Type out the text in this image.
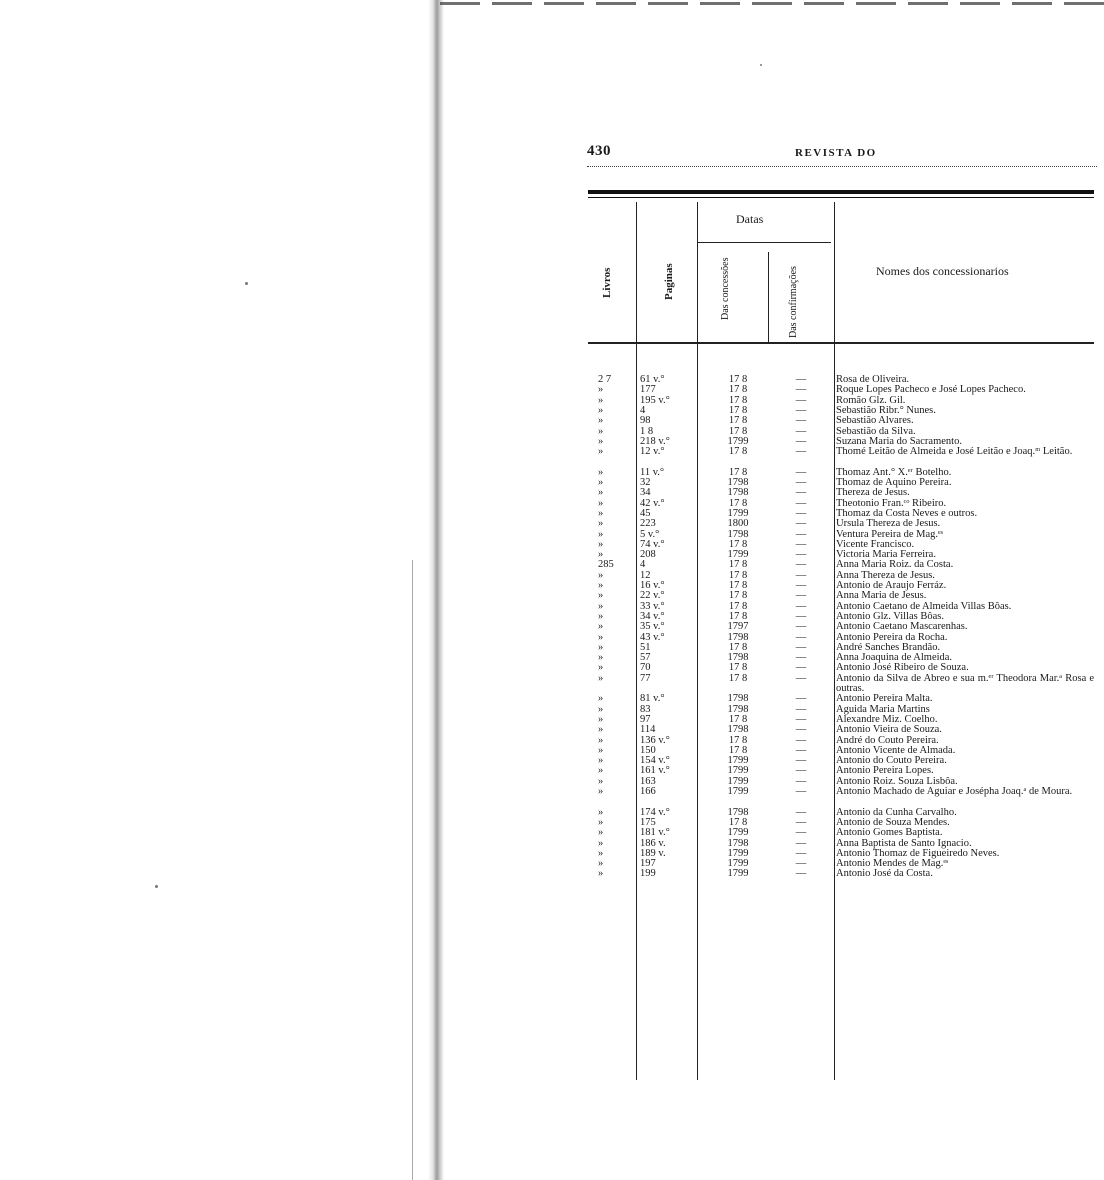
430	REVISTA DO
Livros	Paginas
Datas
Das concessões	Das confirmações	Nomes dos concessionarios
2 7	61 v.°	17 8	—	Rosa de Oliveira.
»	177	17 8	—	Roque Lopes Pacheco e José Lopes Pacheco.
»	195 v.°	17 8	—	Romão Glz. Gil.
»	4	17 8	—	Sebastião Ribr.° Nunes.
»	98	17 8	—	Sebastião Alvares.
»	1 8	17 8	—	Sebastião da Silva.
»	218 v.°	1799	—	Suzana Maria do Sacramento.
»	12 v.°	17 8	—	Thomé Leitão de Almeida e José Leitão e Joaq.ᵐ Leitão.
»	11 v.°	17 8	—	Thomaz Ant.° X.ᵉʳ Botelho.
»	32	1798	—	Thomaz de Aquino Pereira.
»	34	1798	—	Thereza de Jesus.
»	42 v.°	17 8	—	Theotonio Fran.ᶜᵒ Ribeiro.
»	45	1799	—	Thomaz da Costa Neves e outros.
»	223	1800	—	Ursula Thereza de Jesus.
»	5 v.°	1798	—	Ventura Pereira de Mag.ᵉˢ
»	74 v.°	17 8	—	Vicente Francisco.
»	208	1799	—	Victoria Maria Ferreira.
285	4	17 8	—	Anna Maria Roiz. da Costa.
»	12	17 8	—	Anna Thereza de Jesus.
»	16 v.°	17 8	—	Antonio de Araujo Ferráz.
»	22 v.°	17 8	—	Anna Maria de Jesus.
»	33 v.°	17 8	—	Antonio Caetano de Almeida Villas Bôas.
»	34 v.°	17 8	—	Antonio Glz. Villas Bôas.
»	35 v.°	1797	—	Antonio Caetano Mascarenhas.
»	43 v.°	1798	—	Antonio Pereira da Rocha.
»	51	17 8	—	André Sanches Brandão.
»	57	1798	—	Anna Joaquina de Almeida.
»	70	17 8	—	Antonio José Ribeiro de Souza.
»	77	17 8	—	Antonio da Silva de Abreo e sua m.ᵉʳ Theodora Mar.ᵃ Rosa e outras.
»	81 v.°	1798	—	Antonio Pereira Malta.
»	83	1798	—	Aguida Maria Martins
»	97	17 8	—	Alexandre Miz. Coelho.
»	114	1798	—	Antonio Vieira de Souza.
»	136 v.°	17 8	—	André do Couto Pereira.
»	150	17 8	—	Antonio Vicente de Almada.
»	154 v.°	1799	—	Antonio do Couto Pereira.
»	161 v.°	1799	—	Antonio Pereira Lopes.
»	163	1799	—	Antonio Roiz. Souza Lisbôa.
»	166	1799	—	Antonio Machado de Aguiar e Josépha Joaq.ᵃ de Moura.
»	174 v.°	1798	—	Antonio da Cunha Carvalho.
»	175	17 8	—	Antonio de Souza Mendes.
»	181 v.°	1799	—	Antonio Gomes Baptista.
»	186 v.	1798	—	Anna Baptista de Santo Ignacio.
»	189 v.	1799	—	Antonio Thomaz de Figueiredo Neves.
»	197	1799	—	Antonio Mendes de Mag.ᵉˢ
»	199	1799	—	Antonio José da Costa.
